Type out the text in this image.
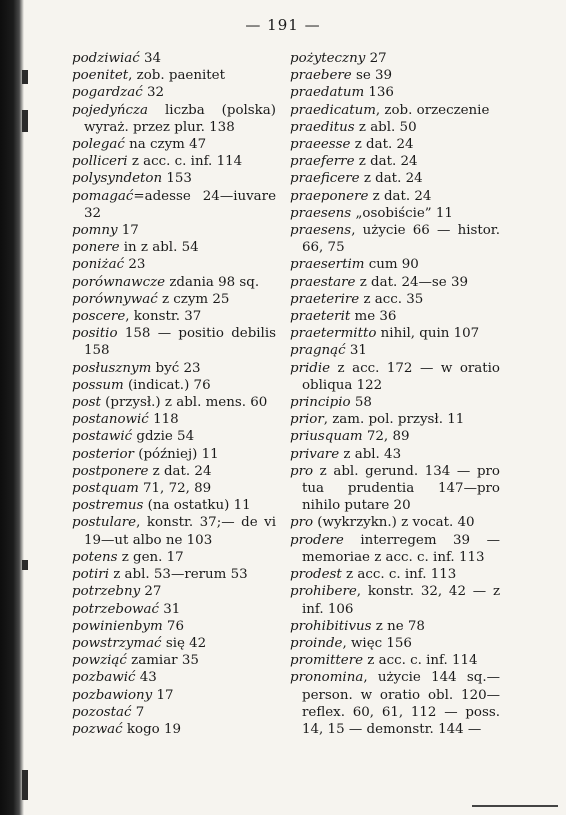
— 191 —
podziwiać 34
poenitet, zob. paenitet
pogardzać 32
pojedyńcza liczba (polska) wyraż. przez plur. 138
polegać na czym 47
polliceri z acc. c. inf. 114
polysyndeton 153
pomagać=adesse 24—iuvare 32
pomny 17
ponere in z abl. 54
poniżać 23
porównawcze zdania 98 sq.
porównywać z czym 25
poscere, konstr. 37
positio 158 — positio debilis 158
posłusznym być 23
possum (indicat.) 76
post (przysł.) z abl. mens. 60
postanowić 118
postawić gdzie 54
posterior (później) 11
postponere z dat. 24
postquam 71, 72, 89
postremus (na ostatku) 11
postulare, konstr. 37;— de vi 19—ut albo ne 103
potens z gen. 17
potiri z abl. 53—rerum 53
potrzebny 27
potrzebować 31
powinienbym 76
powstrzymać się 42
powziąć zamiar 35
pozbawić 43
pozbawiony 17
pozostać 7
pozwać kogo 19
pożyteczny 27
praebere se 39
praedatum 136
praedicatum, zob. orzeczenie
praeditus z abl. 50
praeesse z dat. 24
praeferre z dat. 24
praeficere z dat. 24
praeponere z dat. 24
praesens „osobiście” 11
praesens, użycie 66 — histor. 66, 75
praesertim cum 90
praestare z dat. 24—se 39
praeterire z acc. 35
praeterit me 36
praetermitto nihil, quin 107
pragnąć 31
pridie z acc. 172 — w oratio obliqua 122
principio 58
prior, zam. pol. przysł. 11
priusquam 72, 89
privare z abl. 43
pro z abl. gerund. 134 — pro tua prudentia 147—pro nihilo putare 20
pro (wykrzykn.) z vocat. 40
prodere interregem 39 — memoriae z acc. c. inf. 113
prodest z acc. c. inf. 113
prohibere, konstr. 32, 42 — z inf. 106
prohibitivus z ne 78
proinde, więc 156
promittere z acc. c. inf. 114
pronomina, użycie 144 sq.— person. w oratio obl. 120— reflex. 60, 61, 112 — poss. 14, 15 — demonstr. 144 —
